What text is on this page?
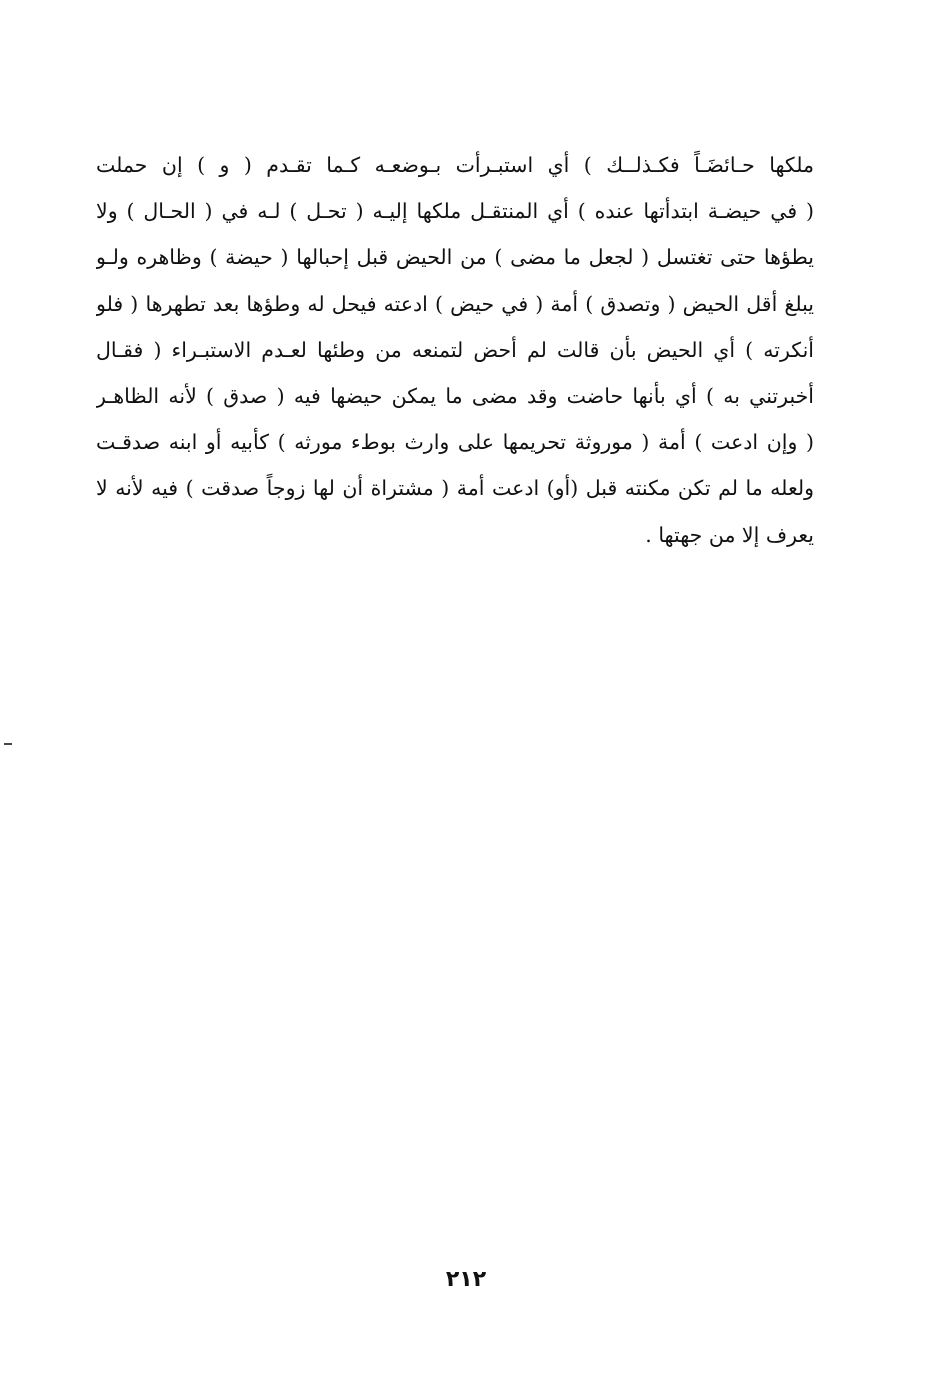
ملكها حـائضَـاً فكـذلــك ) أي استبـرأت بـوضعـه كـما تقـدم ( و ) إن حملت
( في حيضـة ابتدأتها عنده ) أي المنتقـل ملكها إليـه ( تحـل ) لـه في ( الحـال ) ولا
يطؤها حتى تغتسل ( لجعل ما مضى ) من الحيض قبل إحبالها ( حيضة ) وظاهره ولـو
يبلغ أقل الحيض ( وتصدق ) أمة ( في حيض ) ادعته فيحل له وطؤها بعد تطهرها ( فلو
أنكرته ) أي الحيض بأن قالت لم أحض لتمنعه من وطئها لعـدم الاستبـراء ( فقـال
أخبرتني به ) أي بأنها حاضت وقد مضى ما يمكن حيضها فيه ( صدق ) لأنه الظاهـر
( وإن ادعت ) أمة ( موروثة تحريمها على وارث بوطء مورثه ) كأبيه أو ابنه صدقـت
ولعله ما لم تكن مكنته قبل (أو) ادعت أمة ( مشتراة أن لها زوجاً صدقت ) فيه لأنه لا
يعرف إلا من جهتها .
٢١٢
